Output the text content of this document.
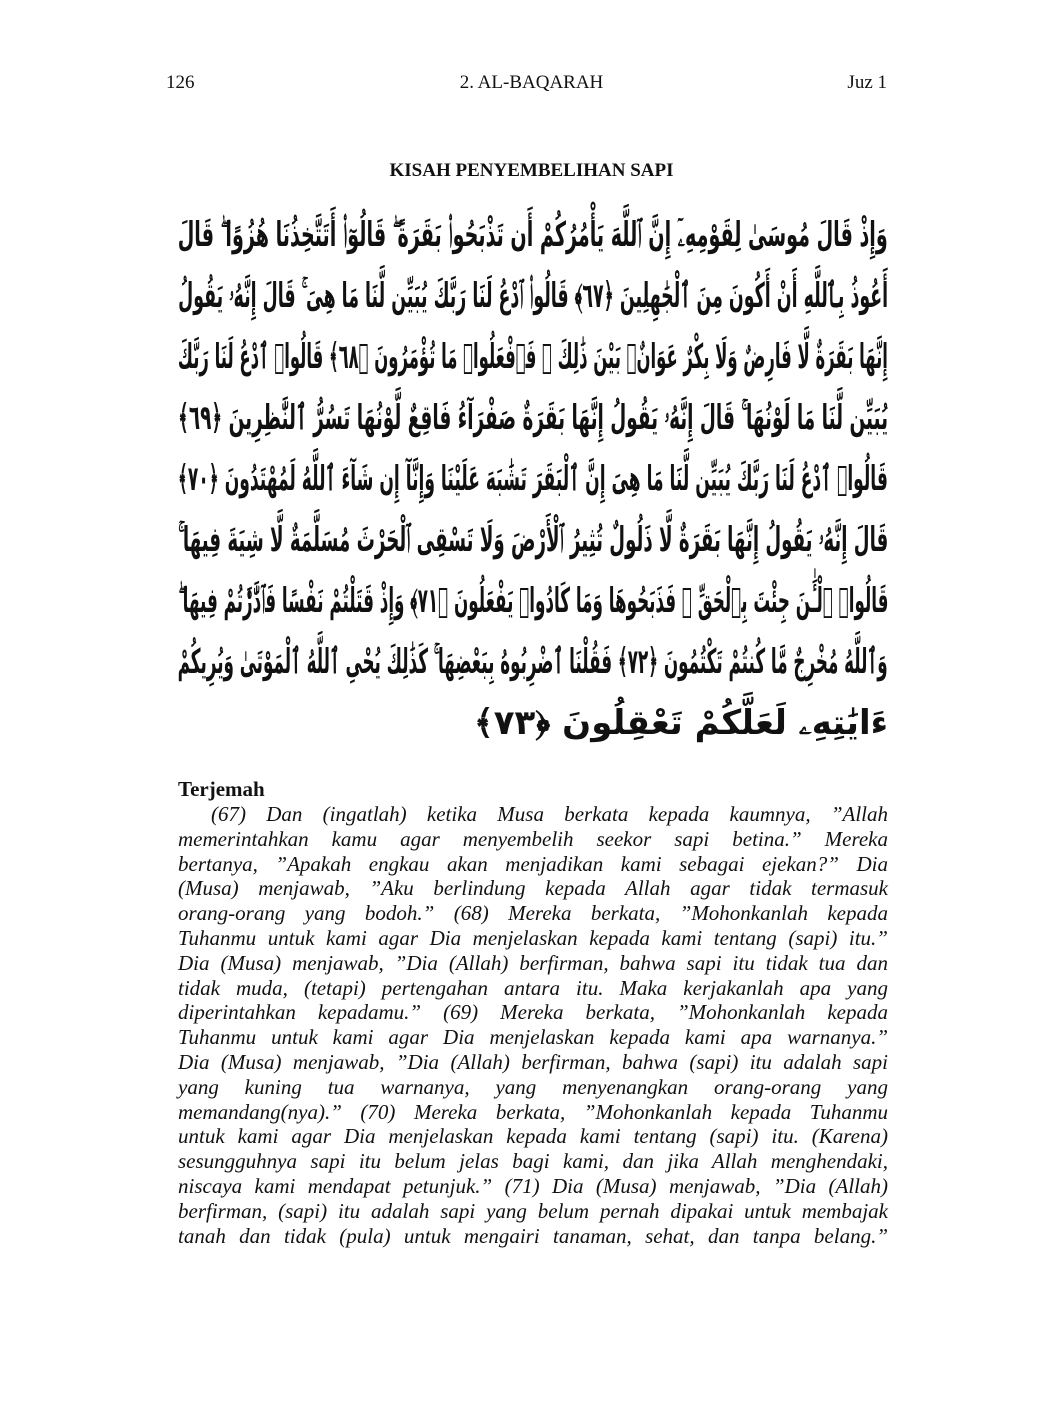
126	2. AL-BAQARAH	Juz 1
KISAH PENYEMBELIHAN SAPI
وَإِذْ قَالَ مُوسَىٰ لِقَوْمِهِۦٓ إِنَّ ٱللَّهَ يَأْمُرُكُمْ أَن تَذْبَحُوا۟ بَقَرَةً ۖ قَالُوٓا۟ أَتَتَّخِذُنَا هُزُوًا ۖ قَالَ
أَعُوذُ بِٱللَّهِ أَنْ أَكُونَ مِنَ ٱلْجَٰهِلِينَ ﴿٦٧﴾ قَالُوا۟ ٱدْعُ لَنَا رَبَّكَ يُبَيِّن لَّنَا مَا هِىَ ۚ قَالَ إِنَّهُۥ يَقُولُ
إِنَّهَا بَقَرَةٌ لَّا فَارِضٌ وَلَا بِكْرٌ عَوَانٌۢ بَيْنَ ذَٰلِكَ ۖ فَٱفْعَلُوا۟ مَا تُؤْمَرُونَ ﴿٦٨﴾ قَالُوا۟ ٱدْعُ لَنَا رَبَّكَ
يُبَيِّن لَّنَا مَا لَوْنُهَا ۚ قَالَ إِنَّهُۥ يَقُولُ إِنَّهَا بَقَرَةٌ صَفْرَآءُ فَاقِعٌ لَّوْنُهَا تَسُرُّ ٱلنَّٰظِرِينَ ﴿٦٩﴾
قَالُوا۟ ٱدْعُ لَنَا رَبَّكَ يُبَيِّن لَّنَا مَا هِىَ إِنَّ ٱلْبَقَرَ تَشَٰبَهَ عَلَيْنَا وَإِنَّآ إِن شَآءَ ٱللَّهُ لَمُهْتَدُونَ ﴿٧٠﴾
قَالَ إِنَّهُۥ يَقُولُ إِنَّهَا بَقَرَةٌ لَّا ذَلُولٌ تُثِيرُ ٱلْأَرْضَ وَلَا تَسْقِى ٱلْحَرْثَ مُسَلَّمَةٌ لَّا شِيَةَ فِيهَا ۚ
قَالُوا۟ ٱلْـَٰٔنَ جِئْتَ بِٱلْحَقِّ ۚ فَذَبَحُوهَا وَمَا كَادُوا۟ يَفْعَلُونَ ﴿٧١﴾ وَإِذْ قَتَلْتُمْ نَفْسًا فَٱدَّٰرَْٰٔتُمْ فِيهَا ۖ
وَٱللَّهُ مُخْرِجٌ مَّا كُنتُمْ تَكْتُمُونَ ﴿٧٢﴾ فَقُلْنَا ٱضْرِبُوهُ بِبَعْضِهَا ۚ كَذَٰلِكَ يُحْىِ ٱللَّهُ ٱلْمَوْتَىٰ وَيُرِيكُمْ
ءَايَٰتِهِۦ لَعَلَّكُمْ تَعْقِلُونَ ﴿٧٣﴾
Terjemah
(67) Dan (ingatlah) ketika Musa berkata kepada kaumnya, ”Allah
memerintahkan kamu agar menyembelih seekor sapi betina.” Mereka
bertanya, ”Apakah engkau akan menjadikan kami sebagai ejekan?” Dia
(Musa) menjawab, ”Aku berlindung kepada Allah agar tidak termasuk
orang-orang yang bodoh.” (68) Mereka berkata, ”Mohonkanlah kepada
Tuhanmu untuk kami agar Dia menjelaskan kepada kami tentang (sapi) itu.”
Dia (Musa) menjawab, ”Dia (Allah) berfirman, bahwa sapi itu tidak tua dan
tidak muda, (tetapi) pertengahan antara itu. Maka kerjakanlah apa yang
diperintahkan kepadamu.” (69) Mereka berkata, ”Mohonkanlah kepada
Tuhanmu untuk kami agar Dia menjelaskan kepada kami apa warnanya.”
Dia (Musa) menjawab, ”Dia (Allah) berfirman, bahwa (sapi) itu adalah sapi
yang kuning tua warnanya, yang menyenangkan orang-orang yang
memandang(nya).” (70) Mereka berkata, ”Mohonkanlah kepada Tuhanmu
untuk kami agar Dia menjelaskan kepada kami tentang (sapi) itu. (Karena)
sesungguhnya sapi itu belum jelas bagi kami, dan jika Allah menghendaki,
niscaya kami mendapat petunjuk.” (71) Dia (Musa) menjawab, ”Dia (Allah)
berfirman, (sapi) itu adalah sapi yang belum pernah dipakai untuk membajak
tanah dan tidak (pula) untuk mengairi tanaman, sehat, dan tanpa belang.”
